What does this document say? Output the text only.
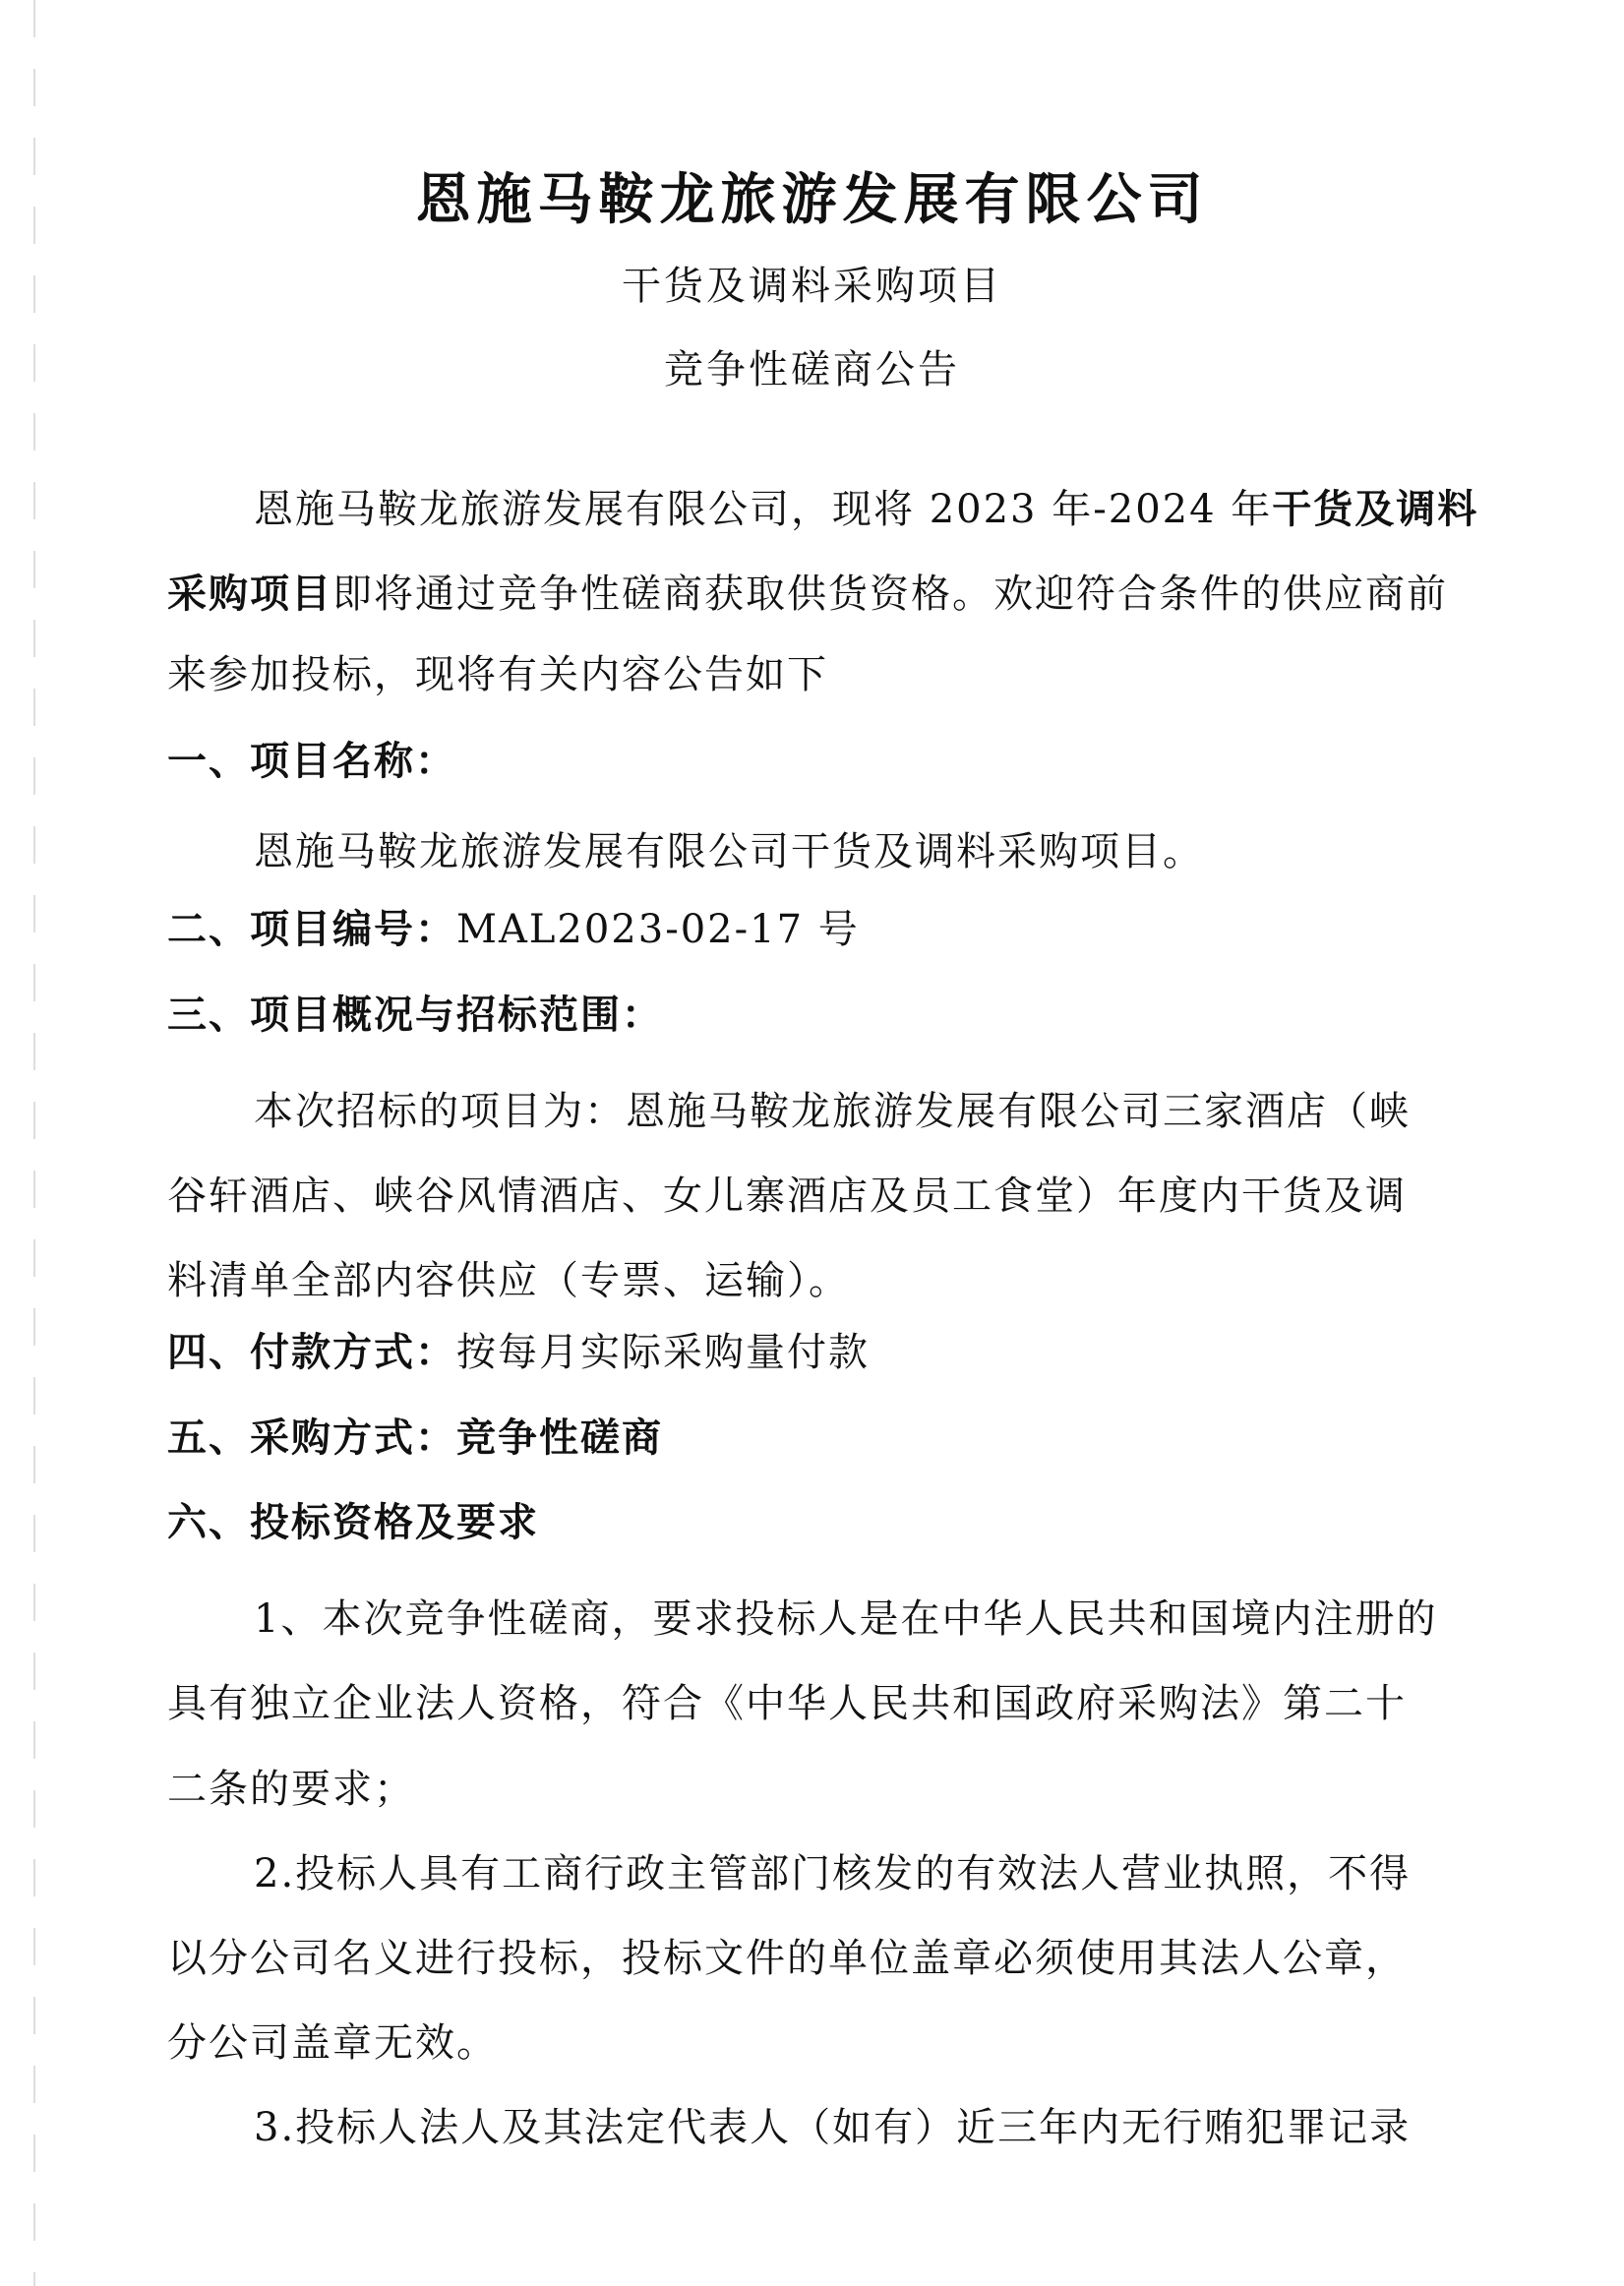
恩施马鞍龙旅游发展有限公司
干货及调料采购项目
竞争性磋商公告
恩施马鞍龙旅游发展有限公司，现将 2023 年-2024 年干货及调料
采购项目即将通过竞争性磋商获取供货资格。欢迎符合条件的供应商前
来参加投标，现将有关内容公告如下
一、项目名称：
恩施马鞍龙旅游发展有限公司干货及调料采购项目。
二、项目编号：MAL2023-02-17 号
三、项目概况与招标范围：
本次招标的项目为：恩施马鞍龙旅游发展有限公司三家酒店（峡
谷轩酒店、峡谷风情酒店、女儿寨酒店及员工食堂）年度内干货及调
料清单全部内容供应（专票、运输）。
四、付款方式：按每月实际采购量付款
五、采购方式：竞争性磋商
六、投标资格及要求
1、本次竞争性磋商，要求投标人是在中华人民共和国境内注册的
具有独立企业法人资格，符合《中华人民共和国政府采购法》第二十
二条的要求；
2.投标人具有工商行政主管部门核发的有效法人营业执照，不得
以分公司名义进行投标，投标文件的单位盖章必须使用其法人公章，
分公司盖章无效。
3.投标人法人及其法定代表人（如有）近三年内无行贿犯罪记录
